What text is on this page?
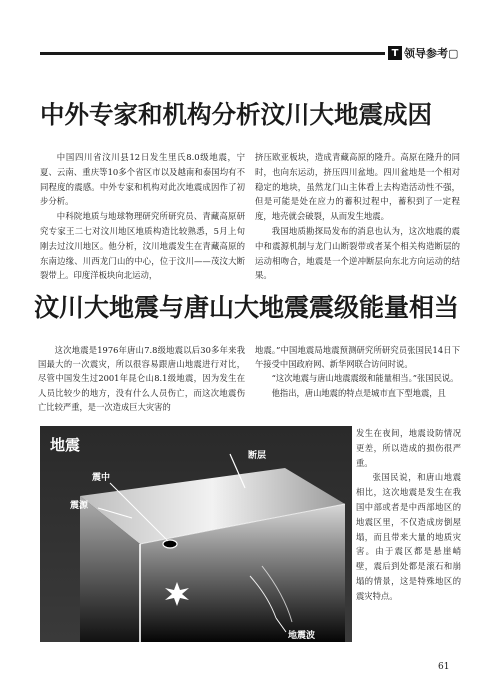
T 领导参考▢
中外专家和机构分析汶川大地震成因

中国四川省汶川县12日发生里氏8.0级地震，宁夏、云南、重庆等10多个省区市以及越南和泰国均有不同程度的震感。中外专家和机构对此次地震成因作了初步分析。

中科院地质与地球物理研究所研究员、青藏高原研究专家王二七对汶川地区地质构造比较熟悉，5月上旬刚去过汶川地区。他分析，汶川地震发生在青藏高原的东南边缘、川西龙门山的中心，位于汶川——茂汶大断裂带上。印度洋板块向北运动，

挤压欧亚板块，造成青藏高原的隆升。高原在隆升的同时，也向东运动，挤压四川盆地。四川盆地是一个相对稳定的地块，虽然龙门山主体看上去构造活动性不强，但是可能是处在应力的蓄积过程中，蓄积到了一定程度，地壳就会破裂，从而发生地震。

我国地质勘探局发布的消息也认为，这次地震的震中和震源机制与龙门山断裂带或者某个相关构造断层的运动相吻合，地震是一个逆冲断层向东北方向运动的结果。

汶川大地震与唐山大地震震级能量相当

这次地震是1976年唐山7.8级地震以后30多年来我国最大的一次震灾，所以很容易跟唐山地震进行对比，尽管中国发生过2001年昆仑山8.1级地震，因为发生在人员比较少的地方，没有什么人员伤亡，而这次地震伤亡比较严重，是一次造成巨大灾害的

地震。”中国地震局地震预测研究所研究员张国民14日下午接受中国政府网、新华网联合访问时说。

“这次地震与唐山地震震级和能量相当。”张国民说。

他指出，唐山地震的特点是城市直下型地震，且

发生在夜间，地震设防情况更差，所以造成的损伤很严重。

张国民说，和唐山地震相比，这次地震是发生在我国中部或者是中西部地区的地震区里，不仅造成房倒屋塌，而且带来大量的地质灾害。由于震区都是悬崖峭壁，震后到处都是滚石和崩塌的情景，这是特殊地区的震灾特点。

地震
震中
断层
震源
地震波
61
